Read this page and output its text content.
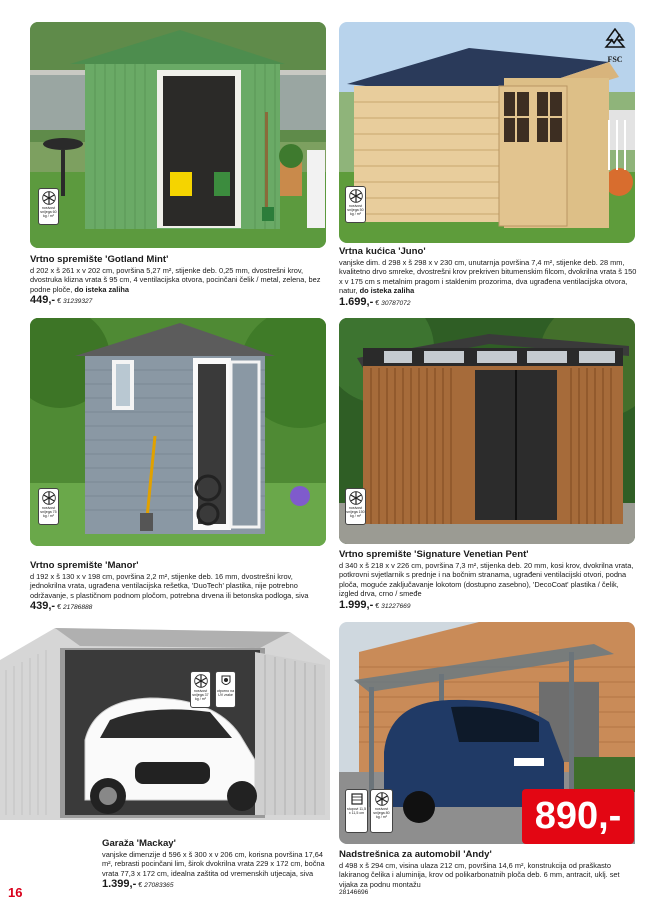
nosivost snijega 60 kg / m²
FSC
nosivost snijega 50 kg / m²
nosivost snijega 75 kg / m²
nosivost snijega 150 kg / m²
nosivost snijega 37 kg / m²
otporno na UV zrake
stupovi 11,5 x 11,5 cm
nosivost snijega 80 kg / m²	890,-
Vrtno spremište 'Gotland Mint'
d 202 x š 261 x v 202 cm, površina 5,27 m², stijenke deb. 0,25 mm, dvostrešni krov, dvostruka klizna vrata š 95 cm, 4 ventilacijska otvora, pocinčani čelik / metal, zelena, bez podne ploče, do isteka zaliha
449,- € 31239327
Vrtna kućica 'Juno'
vanjske dim. d 298 x š 298 x v 230 cm, unutarnja površina 7,4 m², stijenke deb. 28 mm, kvalitetno drvo smreke, dvostrešni krov prekriven bitumenskim filcom, dvokrilna vrata š 150 x v 175 cm s metalnim pragom i staklenim prozorima, dva ugrađena ventilacijska otvora, natur, do isteka zaliha
1.699,- € 30787072
Vrtno spremište 'Manor'
d 192 x š 130 x v 198 cm, površina 2,2 m², stijenke deb. 16 mm, dvostrešni krov, jednokrilna vrata, ugrađena ventilacijska rešetka, 'DuoTech' plastika, nije potrebno održavanje, s plastičnom podnom pločom, potrebna drvena ili betonska podloga, siva
439,- € 21786888
Vrtno spremište 'Signature Venetian Pent'
d 340 x š 218 x v 226 cm, površina 7,3 m², stijenka deb. 20 mm, kosi krov, dvokrilna vrata, potkrovni svjetlarnik s prednje i na bočnim stranama, ugrađeni ventilacijski otvori, podna ploča, moguće zaključavanje lokotom (dostupno zasebno), 'DecoCoat' plastika / čelik, izgled drva, crno / smeđe
1.999,- € 31227669
Garaža 'Mackay'
vanjske dimenzije d 596 x š 300 x v 206 cm, korisna površina 17,64 m², rebrasti pocinčani lim, širok dvokrilna vrata 229 x 172 cm, bočna vrata 77,3 x 172 cm, idealna zaštita od vremenskih utjecaja, siva
1.399,- € 27083365
Nadstrešnica za automobil 'Andy'
d 498 x š 294 cm, visina ulaza 212 cm, površina 14,6 m², konstrukcija od praškasto lakiranog čelika i aluminija, krov od polikarbonatnih ploča deb. 6 mm, antracit, uklj. set vijaka za podnu montažu
28146696
16
